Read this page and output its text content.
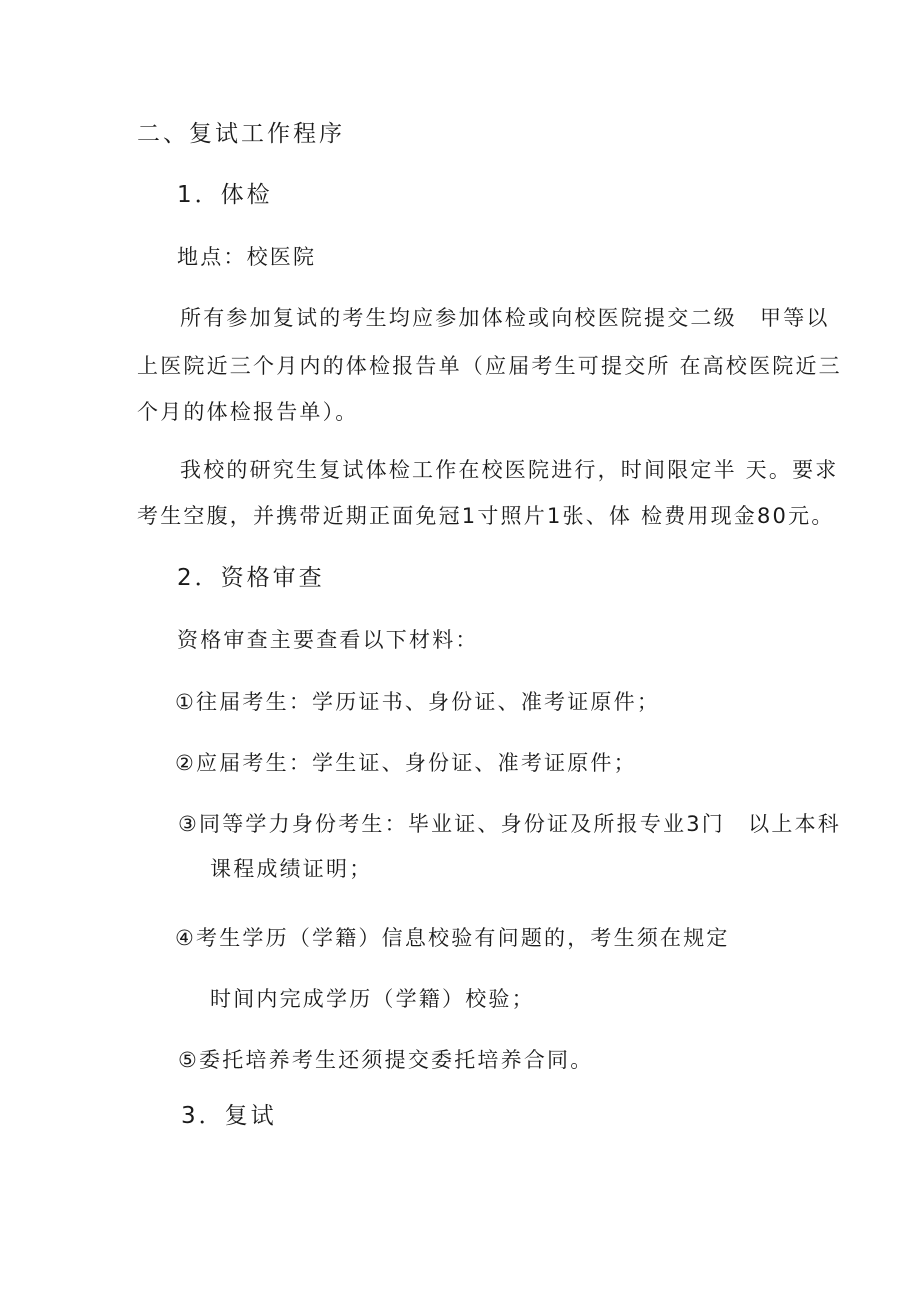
二、复试工作程序
1．体检
地点：校医院
所有参加复试的考生均应参加体检或向校医院提交二级　甲等以
上医院近三个月内的体检报告单（应届考生可提交所 在高校医院近三
个月的体检报告单）。
我校的研究生复试体检工作在校医院进行，时间限定半 天。要求
考生空腹，并携带近期正面免冠1寸照片1张、体 检费用现金80元。
2．资格审查
资格审查主要查看以下材料：
①往届考生：学历证书、身份证、准考证原件；
②应届考生：学生证、身份证、准考证原件；
③同等学力身份考生：毕业证、身份证及所报专业3门　以上本科
课程成绩证明；
④考生学历（学籍）信息校验有问题的，考生须在规定
时间内完成学历（学籍）校验；
⑤委托培养考生还须提交委托培养合同。
3．复试
